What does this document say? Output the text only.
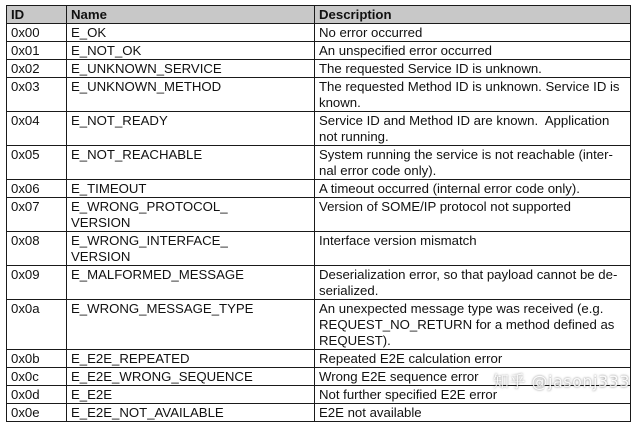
ID	Name	Description
0x00	E_OK	No error occurred
0x01	E_NOT_OK	An unspecified error occurred
0x02	E_UNKNOWN_SERVICE	The requested Service ID is unknown.
0x03	E_UNKNOWN_METHOD	The requested Method ID is unknown. Service ID is
known.
0x04	E_NOT_READY	Service ID and Method ID are known.  Application
not running.
0x05	E_NOT_REACHABLE	System running the service is not reachable (inter-
nal error code only).
0x06	E_TIMEOUT	A timeout occurred (internal error code only).
0x07	E_WRONG_PROTOCOL_
VERSION	Version of SOME/IP protocol not supported
0x08	E_WRONG_INTERFACE_
VERSION	Interface version mismatch
0x09	E_MALFORMED_MESSAGE	Deserialization error, so that payload cannot be de-
serialized.
0x0a	E_WRONG_MESSAGE_TYPE	An unexpected message type was received (e.g.
REQUEST_NO_RETURN for a method defined as
REQUEST).
0x0b	E_E2E_REPEATED	Repeated E2E calculation error
0x0c	E_E2E_WRONG_SEQUENCE	Wrong E2E sequence error
0x0d	E_E2E	Not further specified E2E error
0x0e	E_E2E_NOT_AVAILABLE	E2E not available
知乎 @jasonj333
